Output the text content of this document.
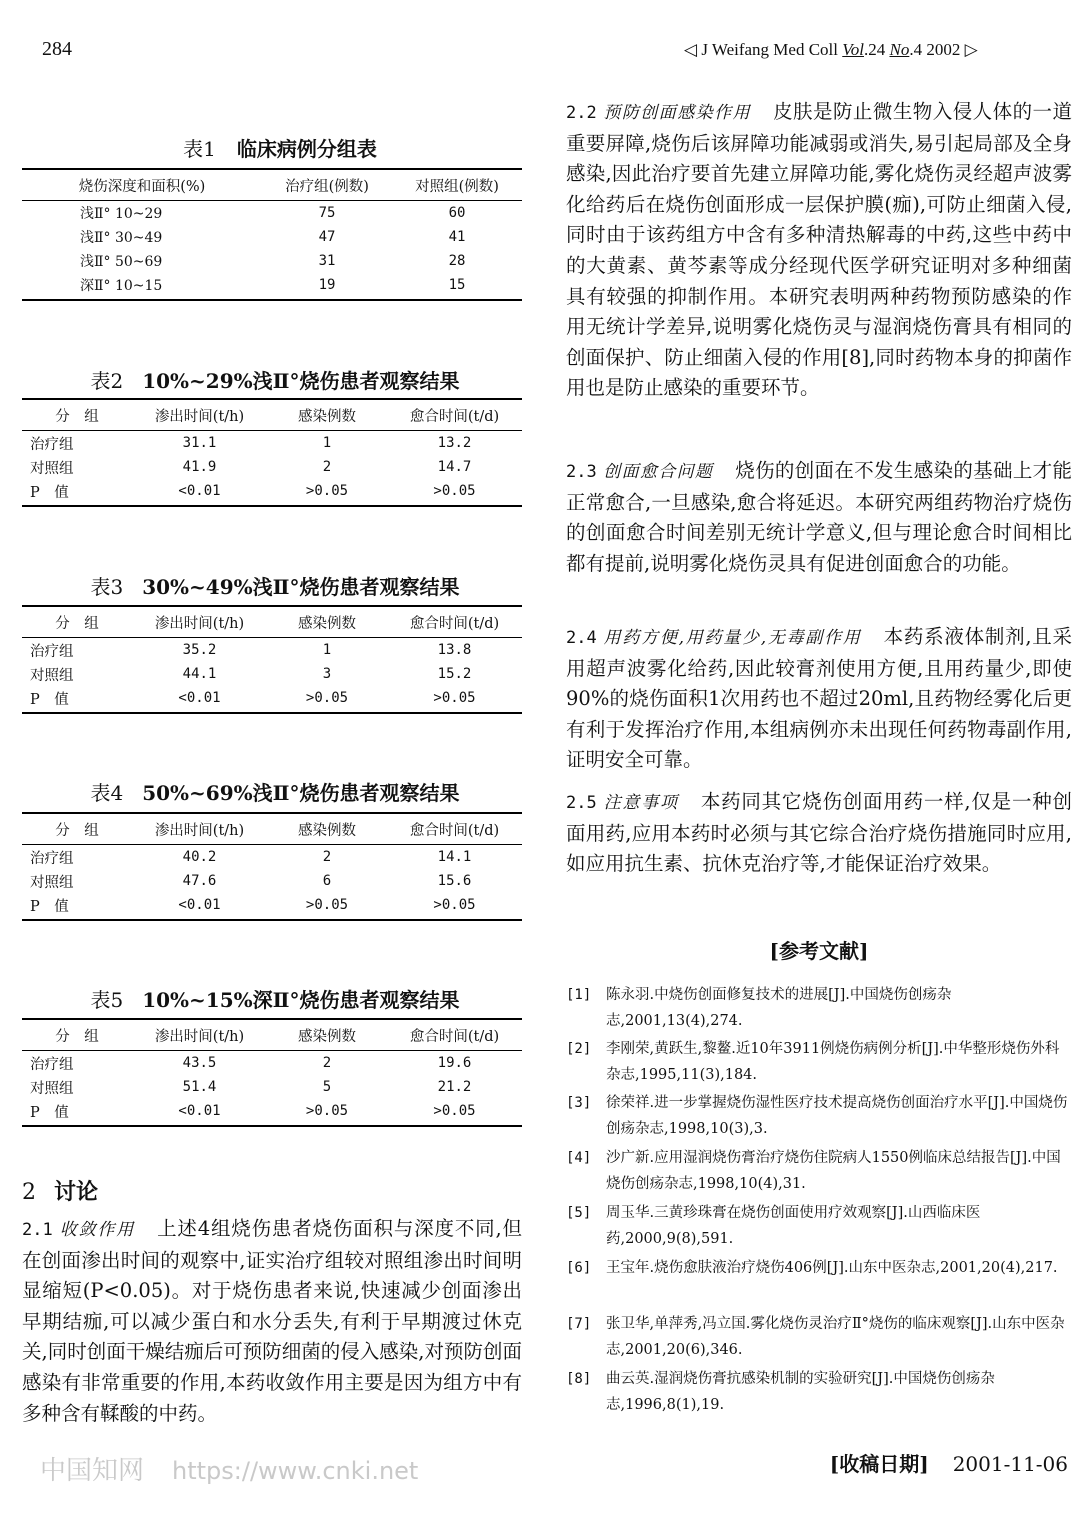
284	◁ J Weifang Med Coll Vol.24 No.4 2002 ▷
表1 临床病例分组表
烧伤深度和面积(%)	治疗组(例数)	对照组(例数)
浅Ⅱ° 10~29	75	60
浅Ⅱ° 30~49	47	41
浅Ⅱ° 50~69	31	28
深Ⅱ° 10~15	19	15
表2 10%~29%浅Ⅱ°烧伤患者观察结果
分　组	渗出时间(t/h)	感染例数	愈合时间(t/d)
治疗组	31.1	1	13.2
对照组	41.9	2	14.7
P　值	<0.01	>0.05	>0.05
表3 30%~49%浅Ⅱ°烧伤患者观察结果
分　组	渗出时间(t/h)	感染例数	愈合时间(t/d)
治疗组	35.2	1	13.8
对照组	44.1	3	15.2
P　值	<0.01	>0.05	>0.05
表4 50%~69%浅Ⅱ°烧伤患者观察结果
分　组	渗出时间(t/h)	感染例数	愈合时间(t/d)
治疗组	40.2	2	14.1
对照组	47.6	6	15.6
P　值	<0.01	>0.05	>0.05
表5 10%~15%深Ⅱ°烧伤患者观察结果
分　组	渗出时间(t/h)	感染例数	愈合时间(t/d)
治疗组	43.5	2	19.6
对照组	51.4	5	21.2
P　值	<0.01	>0.05	>0.05
2 讨论
2.1 收敛作用 上述4组烧伤患者烧伤面积与深度不同,但在创面渗出时间的观察中,证实治疗组较对照组渗出时间明显缩短(P<0.05)。对于烧伤患者来说,快速减少创面渗出早期结痂,可以减少蛋白和水分丢失,有利于早期渡过休克关,同时创面干燥结痂后可预防细菌的侵入感染,对预防创面感染有非常重要的作用,本药收敛作用主要是因为组方中有多种含有鞣酸的中药。
2.2 预防创面感染作用 皮肤是防止微生物入侵人体的一道重要屏障,烧伤后该屏障功能减弱或消失,易引起局部及全身感染,因此治疗要首先建立屏障功能,雾化烧伤灵经超声波雾化给药后在烧伤创面形成一层保护膜(痂),可防止细菌入侵,同时由于该药组方中含有多种清热解毒的中药,这些中药中的大黄素、黄芩素等成分经现代医学研究证明对多种细菌具有较强的抑制作用。本研究表明两种药物预防感染的作用无统计学差异,说明雾化烧伤灵与湿润烧伤膏具有相同的创面保护、防止细菌入侵的作用[8],同时药物本身的抑菌作用也是防止感染的重要环节。
2.3 创面愈合问题 烧伤的创面在不发生感染的基础上才能正常愈合,一旦感染,愈合将延迟。本研究两组药物治疗烧伤的创面愈合时间差别无统计学意义,但与理论愈合时间相比都有提前,说明雾化烧伤灵具有促进创面愈合的功能。
2.4 用药方便,用药量少,无毒副作用 本药系液体制剂,且采用超声波雾化给药,因此较膏剂使用方便,且用药量少,即使90%的烧伤面积1次用药也不超过20ml,且药物经雾化后更有利于发挥治疗作用,本组病例亦未出现任何药物毒副作用,证明安全可靠。
2.5 注意事项 本药同其它烧伤创面用药一样,仅是一种创面用药,应用本药时必须与其它综合治疗烧伤措施同时应用,如应用抗生素、抗休克治疗等,才能保证治疗效果。
[参考文献]
[1] 陈永羽.中烧伤创面修复技术的进展[J].中国烧伤创疡杂志,2001,13(4),274.
[2] 李刚荣,黄跃生,黎鳌.近10年3911例烧伤病例分析[J].中华整形烧伤外科杂志,1995,11(3),184.
[3] 徐荣祥.进一步掌握烧伤湿性医疗技术提高烧伤创面治疗水平[J].中国烧伤创疡杂志,1998,10(3),3.
[4] 沙广新.应用湿润烧伤膏治疗烧伤住院病人1550例临床总结报告[J].中国烧伤创疡杂志,1998,10(4),31.
[5] 周玉华.三黄珍珠膏在烧伤创面使用疗效观察[J].山西临床医药,2000,9(8),591.
[6] 王宝年.烧伤愈肤液治疗烧伤406例[J].山东中医杂志,2001,20(4),217.
[7] 张卫华,单萍秀,冯立国.雾化烧伤灵治疗Ⅱ°烧伤的临床观察[J].山东中医杂志,2001,20(6),346.
[8] 曲云英.湿润烧伤膏抗感染机制的实验研究[J].中国烧伤创疡杂志,1996,8(1),19.
[收稿日期] 2001-11-06
中国知网 https://www.cnki.net
